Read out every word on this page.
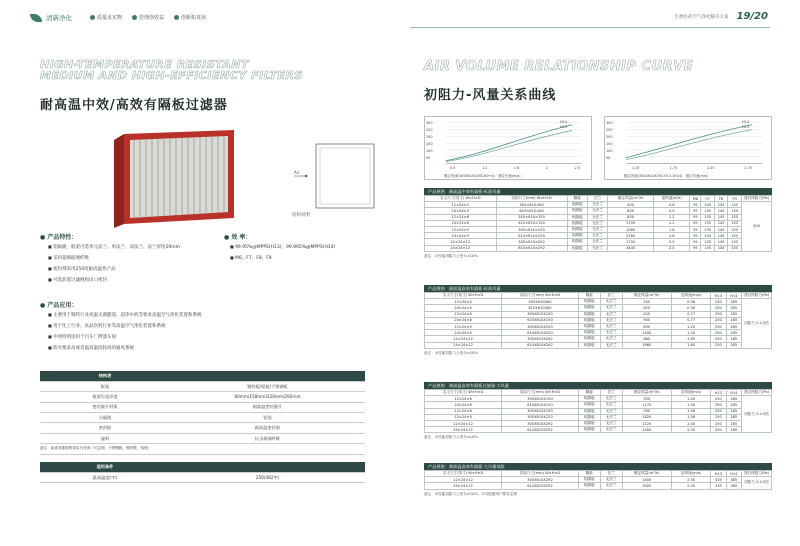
清新净化	质量求实物	管理创效益	创新拓发展	生物医药空气净化解决方案 19/20
HIGH-TEMPERATURE RESISTANT
MEDIUM AND HIGH-EFFICIENCY FILTERS
耐高温中效/高效有隔板过滤器
Air
结构说明
● 产品特性：
■ 铝隔板，框架可选单元法兰、单法兰、双法兰、法兰厚度20mm
■ 采用超细玻璃纤维
■ 密封剂采用250度耐高温性产品
■ 可选前置过滤网和出口密封
● 效 率：
■ 99.95%@MPPS(H13)，99.995%@MPPS(H14)
■ M6、F7、F8、F9
● 产品应用：
■ 主要用于制药行业高温灭菌隧道、超净中药等要求高温空气净化装置和系统
■ 用于化工行业、食品饮料行业等高温空气净化装置和系统
■ 中效特别适用于汽车厂烤漆车间
■ 防火要求高或者温高温度较高的通风系统
结构表	
框架	镀锌板/铝板/不锈钢板
框架可选厚度	80mm/150mm/220mm/292mm
密封胶片材质	耐高温密封胶片
分隔线	铝箔
密封胶	耐高温密封胶
滤料	抗水玻璃纤维
备注：如需其他规格请另行咨询（可定制，不锈钢框、镀锌框、铝框）	

适用条件	
最高温度(℃)	250(482℉)
AIR VOLUME RELATIONSHIP CURVE
初阻力-风量关系曲线
300
250
200
150
100
50
0.5	1.2	1.6	2	2.5
H14
H13
额定风速(305X610X292-80+A) · 额定风速(m/s)
300
250
200
150
100
50
1.25	1.75	2.25	2.75
H14
H13
额定风速(305X610X292-H13.1H14) · 额定风速(m/s)
产品规格：耐高温中效有隔板·标准风量
名义尺寸(英寸) W×H×D	实际尺寸(mm) W×H×D	隔板	法兰	额定风量(m³/h)	迎风速(m/s)	M6	F7	F8	F9	建议终阻力(Pa)
12×24×3	305×610×80	铝隔板	无法兰	400	0.6	95	135	145	155	300
24×24×3	610×610×80	铝隔板	无法兰	800	0.9	95	135	145	155	
12×24×6	305×610×150	铝隔板	无法兰	850	1.2	95	135	145	155	
24×24×6	610×610×150	铝隔板	无法兰	1700	1.2	95	135	145	155	
12×24×9	305×610×220	铝隔板	无法兰	1080	1.6	95	135	145	155	
24×24×9	610×610×220	铝隔板	无法兰	2160	1.6	95	135	145	155	
12×24×12	305×610×292	铝隔板	无法兰	1700	2.5	95	135	145	155	
24×24×12	610×610×292	铝隔板	无法兰	3400	2.5	95	135	145	155	
备注：①性能初阻力公差为±10%
产品规格：耐高温高效有隔板·标准风量
名义尺寸(英寸) W×H×D	实际尺寸(mm) W×H×D	隔板	法兰	额定风量(m³/h)	迎风速(m/s)	H13	H14	建议终阻力(Pa)
12×24×3	305X610X80	铝隔板	无法兰	200	0.36	250	285	初阻力 2-2.5倍
24×24×3	610X610X80	铝隔板	无法兰	420	0.36	250	285	
12×24×6	305X610X150	铝隔板	无法兰	420	0.77	250	285	
24×24×6	610X610X150	铝隔板	无法兰	900	0.77	250	285	
12×24×9	305X610X220	铝隔板	无法兰	650	1.20	250	285	
24×24×9	610X610X220	铝隔板	无法兰	1400	1.20	250	285	
12×24×12	305X610X292	铝隔板	无法兰	860	1.60	250	285	
24×24×12	610X610X292	铝隔板	无法兰	1860	1.60	250	285	
备注：①性能初阻力公差为±10%
产品规格：耐高温高效有隔板过滤器·大风量
名义尺寸(英寸) W×H×D	实际尺寸(mm) W×H×D	隔板	法兰	额定风量(m³/h)	迎风速(m/s)	H13	H14	建议终阻力(Pa)
12×24×6	305X610X150	铝隔板	无法兰	550	1.00	250	285	初阻力 2-2.5倍
24×24×6	610X610X150	铝隔板	无法兰	1170	1.00	250	285	
12×24×6	305X610X150	铝隔板	无法兰	950	1.56	250	285	
12×24×9	305X610X220	铝隔板	无法兰	1620	1.56	250	285	
12×24×12	305X610X292	铝隔板	无法兰	1120	2.00	250	285	
24×24×12	610X610X292	铝隔板	无法兰	2400	2.00	250	285	
备注：①性能初阻力公差为±10%
产品规格：耐高温高效有隔板·大风量低阻
名义尺寸(英寸) W×H×D	实际尺寸(mm) W×H×D	隔板	法兰	额定风量(m³/h)	迎风速(m/s)	H13	H14	建议终阻力(Pa)
12×24×12	305X610X292	铝隔板	无法兰	1400	2.50	335	385	初阻力 2-2.5倍
24×24×12	610X610X292	铝隔板	无法兰	3000	2.50	335	385	
备注：①性能初阻力公差为±10%，②可根据用户要求定制
